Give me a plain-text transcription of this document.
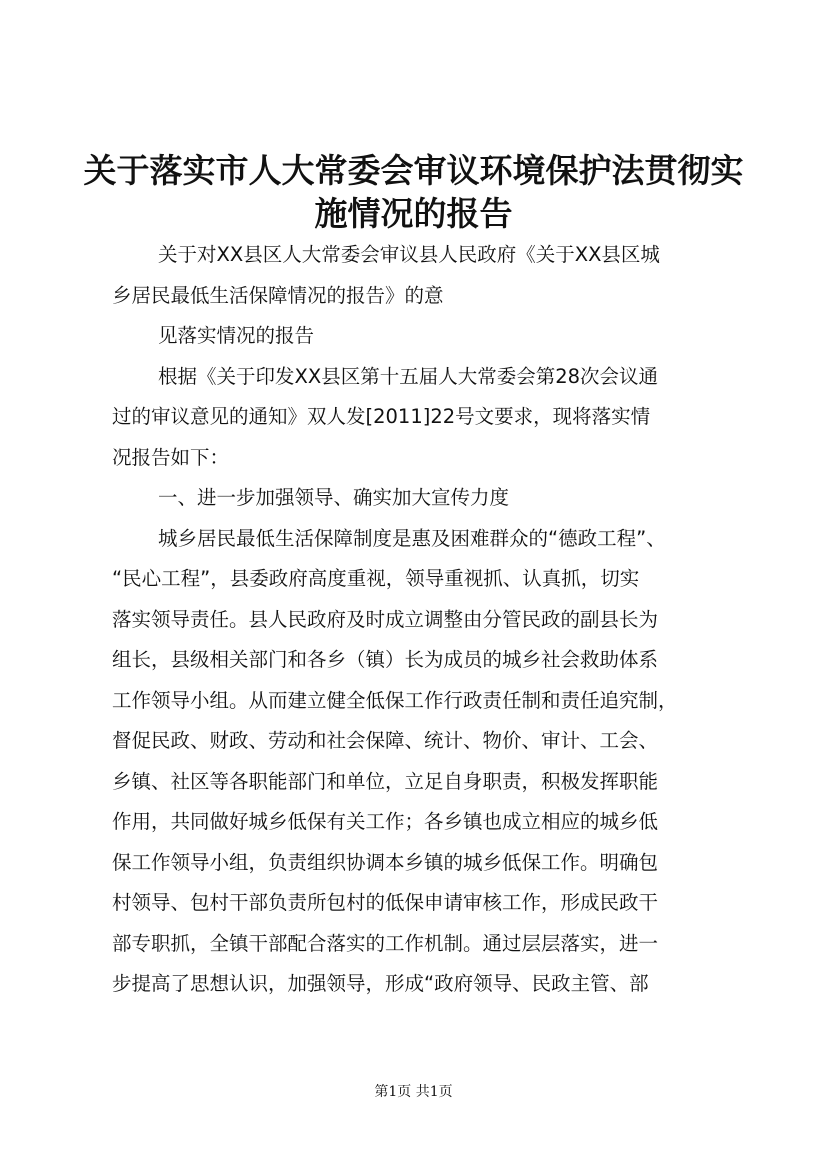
关于落实市人大常委会审议环境保护法贯彻实
施情况的报告
关于对XX县区人大常委会审议县人民政府《关于XX县区城
乡居民最低生活保障情况的报告》的意
见落实情况的报告
根据《关于印发XX县区第十五届人大常委会第28次会议通
过的审议意见的通知》双人发[2011]22号文要求，现将落实情
况报告如下：
一、进一步加强领导、确实加大宣传力度
城乡居民最低生活保障制度是惠及困难群众的“德政工程”、
“民心工程”，县委政府高度重视，领导重视抓、认真抓，切实
落实领导责任。县人民政府及时成立调整由分管民政的副县长为
组长，县级相关部门和各乡（镇）长为成员的城乡社会救助体系
工作领导小组。从而建立健全低保工作行政责任制和责任追究制，
督促民政、财政、劳动和社会保障、统计、物价、审计、工会、
乡镇、社区等各职能部门和单位，立足自身职责，积极发挥职能
作用，共同做好城乡低保有关工作；各乡镇也成立相应的城乡低
保工作领导小组，负责组织协调本乡镇的城乡低保工作。明确包
村领导、包村干部负责所包村的低保申请审核工作，形成民政干
部专职抓，全镇干部配合落实的工作机制。通过层层落实，进一
步提高了思想认识，加强领导，形成“政府领导、民政主管、部
第1页 共1页
